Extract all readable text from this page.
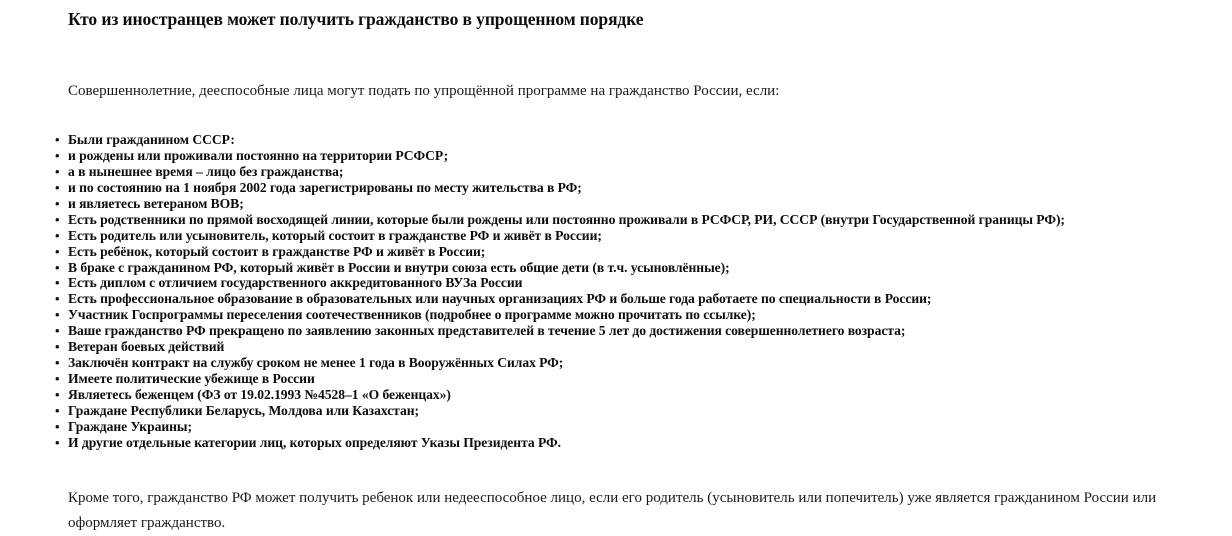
Кто из иностранцев может получить гражданство в упрощенном порядке

Совершеннолетние, дееспособные лица могут подать по упрощённой программе на гражданство России, если:

• Были гражданином СССР:
• и рождены или проживали постоянно на территории РСФСР;
• а в нынешнее время – лицо без гражданства;
• и по состоянию на 1 ноября 2002 года зарегистрированы по месту жительства в РФ;
• и являетесь ветераном ВОВ;
• Есть родственники по прямой восходящей линии, которые были рождены или постоянно проживали в РСФСР, РИ, СССР (внутри Государственной границы РФ);
• Есть родитель или усыновитель, который состоит в гражданстве РФ и живёт в России;
• Есть ребёнок, который состоит в гражданстве РФ и живёт в России;
• В браке с гражданином РФ, который живёт в России и внутри союза есть общие дети (в т.ч. усыновлённые);
• Есть диплом с отличием государственного аккредитованного ВУЗа России
• Есть профессиональное образование в образовательных или научных организациях РФ и больше года работаете по специальности в России;
• Участник Госпрограммы переселения соотечественников (подробнее о программе можно прочитать по ссылке);
• Ваше гражданство РФ прекращено по заявлению законных представителей в течение 5 лет до достижения совершеннолетнего возраста;
• Ветеран боевых действий
• Заключён контракт на службу сроком не менее 1 года в Вооружённых Силах РФ;
• Имеете политические убежище в России
• Являетесь беженцем (ФЗ от 19.02.1993 №4528–1 «О беженцах»)
• Граждане Республики Беларусь, Молдова или Казахстан;
• Граждане Украины;
• И другие отдельные категории лиц, которых определяют Указы Президента РФ.

Кроме того, гражданство РФ может получить ребенок или недееспособное лицо, если его родитель (усыновитель или попечитель) уже является гражданином России или оформляет гражданство.
